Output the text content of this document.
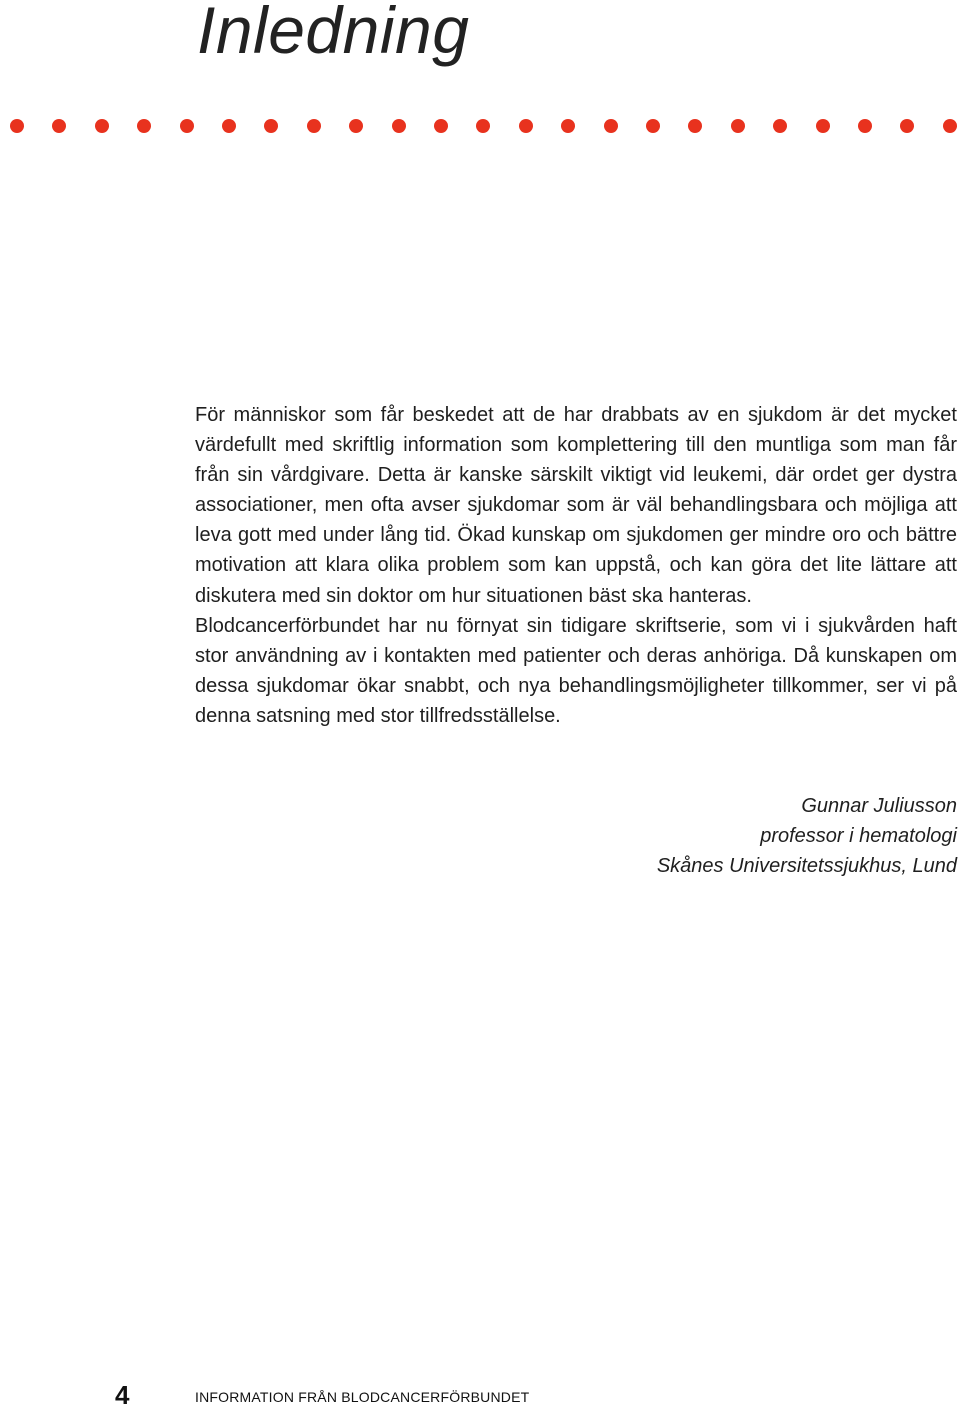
Inledning

För människor som får beskedet att de har drabbats av en sjukdom är det mycket värdefullt med skriftlig information som komplettering till den muntliga som man får från sin vårdgivare. Detta är kanske särskilt viktigt vid leukemi, där ordet ger dystra associationer, men ofta avser sjukdomar som är väl behandlingsbara och möjliga att leva gott med under lång tid. Ökad kunskap om sjukdomen ger mindre oro och bättre motivation att klara olika problem som kan uppstå, och kan göra det lite lättare att diskutera med sin doktor om hur situationen bäst ska hanteras.

Blodcancerförbundet har nu förnyat sin tidigare skriftserie, som vi i sjukvården haft stor användning av i kontakten med patienter och deras anhöriga. Då kunskapen om dessa sjukdomar ökar snabbt, och nya behandlingsmöjligheter tillkommer, ser vi på denna satsning med stor tillfredsställelse.

Gunnar Juliusson
professor i hematologi
Skånes Universitetssjukhus, Lund
4	INFORMATION FRÅN BLODCANCERFÖRBUNDET
